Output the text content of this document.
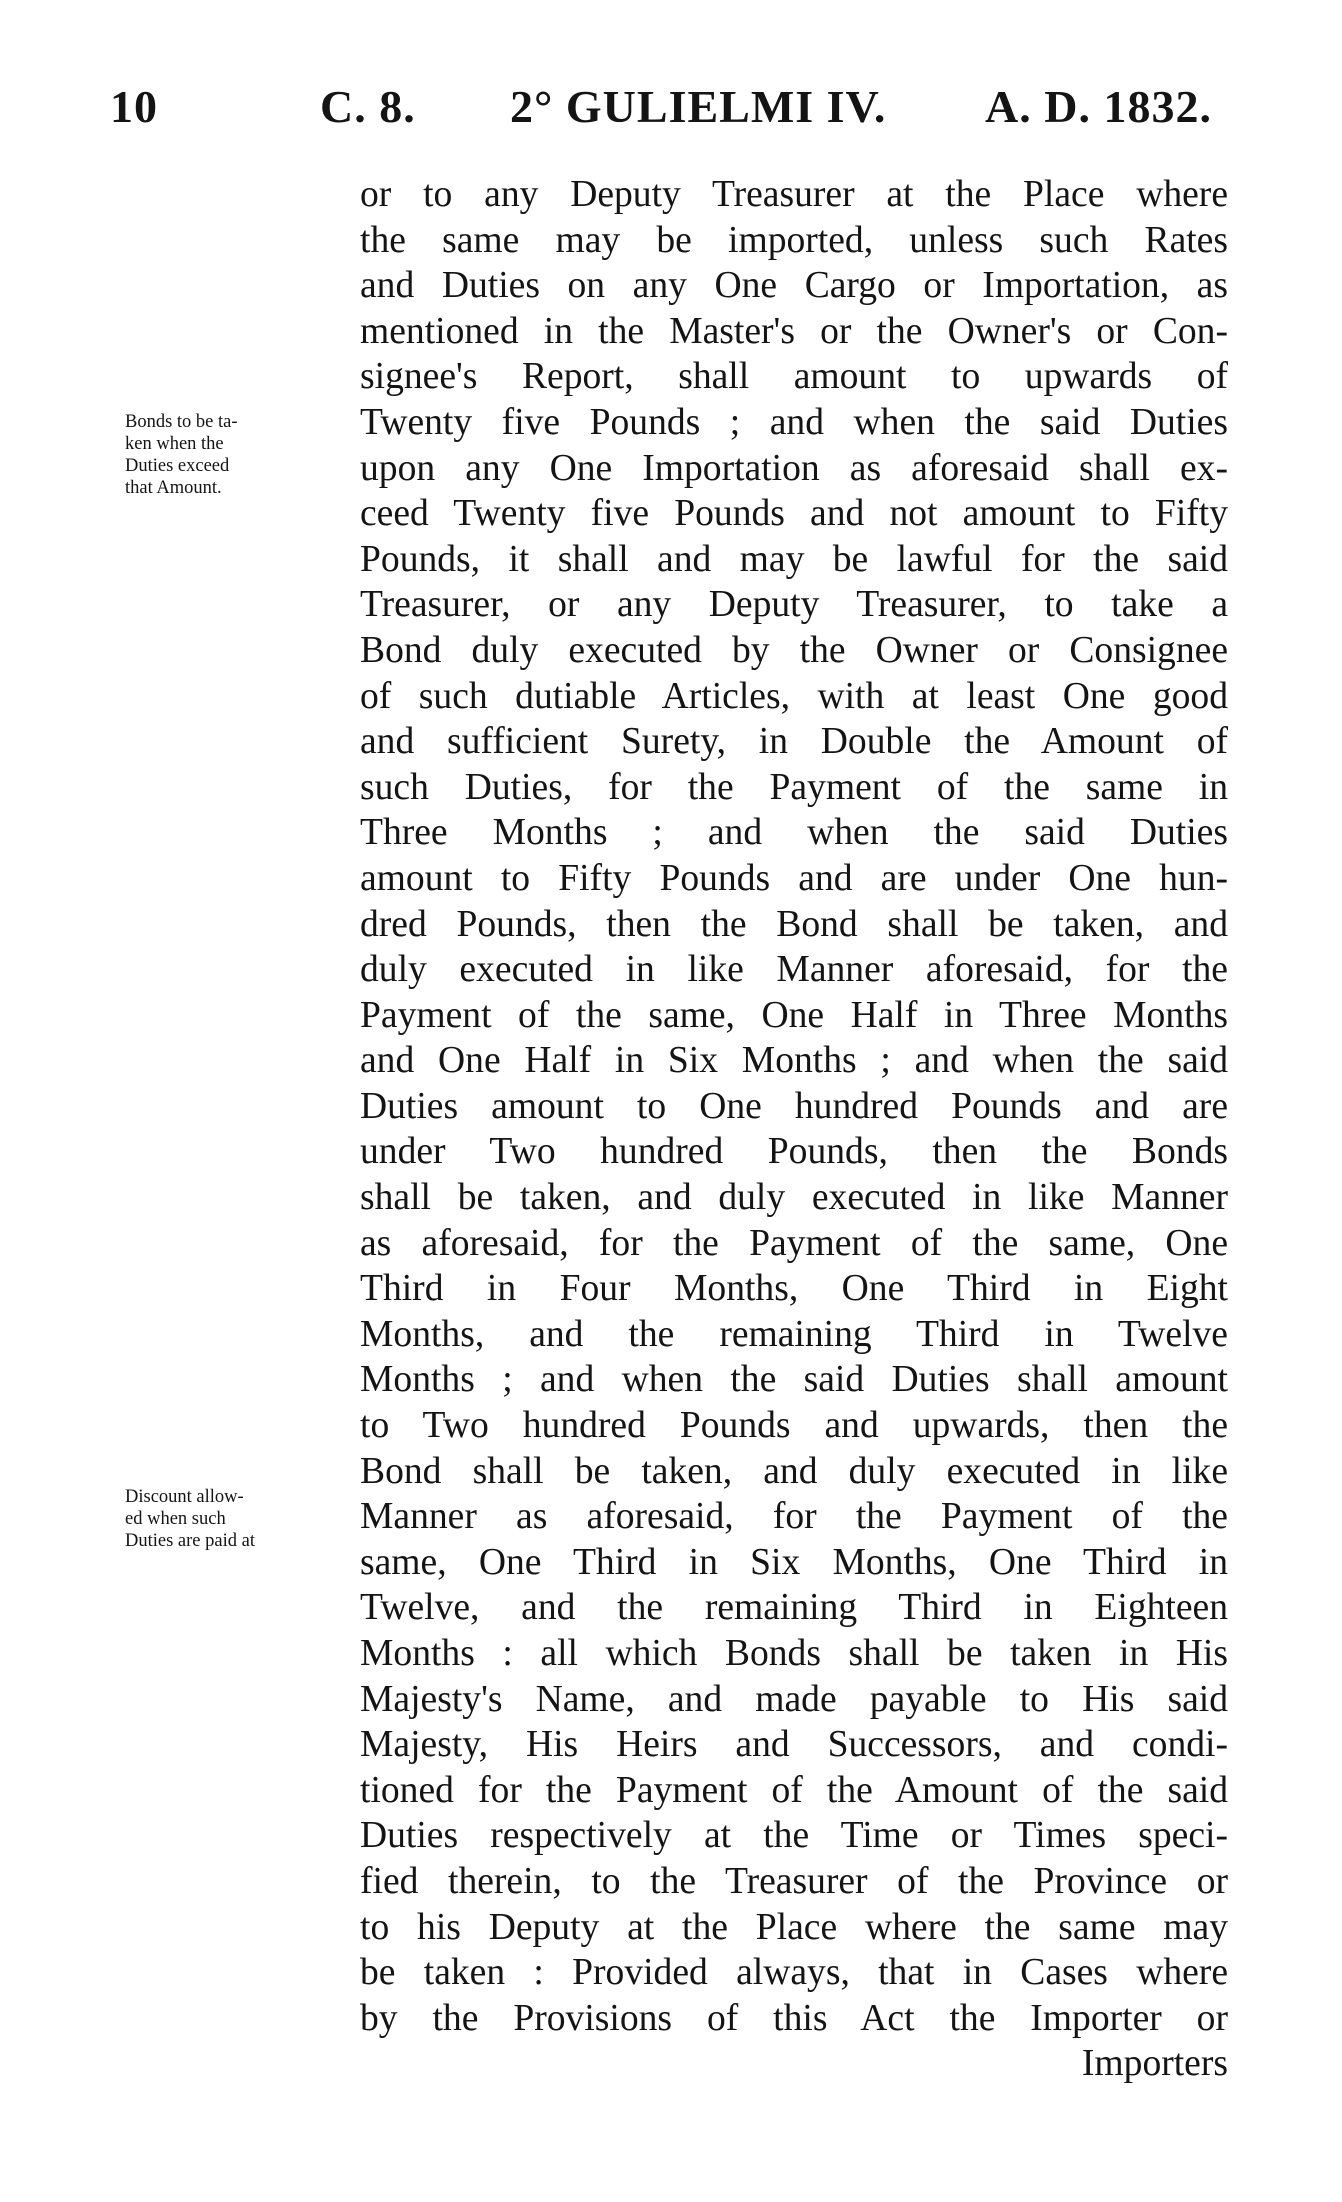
10	C. 8. 2° GULIELMI IV. A. D. 1832.
Bonds to be ta-
ken when the
Duties exceed
that Amount.
Discount allow-
ed when such
Duties are paid at
or to any Deputy Treasurer at the Place where
the same may be imported, unless such Rates
and Duties on any One Cargo or Importation, as
mentioned in the Master's or the Owner's or Con-
signee's Report, shall amount to upwards of
Twenty five Pounds ; and when the said Duties
upon any One Importation as aforesaid shall ex-
ceed Twenty five Pounds and not amount to Fifty
Pounds, it shall and may be lawful for the said
Treasurer, or any Deputy Treasurer, to take a
Bond duly executed by the Owner or Consignee
of such dutiable Articles, with at least One good
and sufficient Surety, in Double the Amount of
such Duties, for the Payment of the same in
Three Months ; and when the said Duties
amount to Fifty Pounds and are under One hun-
dred Pounds, then the Bond shall be taken, and
duly executed in like Manner aforesaid, for the
Payment of the same, One Half in Three Months
and One Half in Six Months ; and when the said
Duties amount to One hundred Pounds and are
under Two hundred Pounds, then the Bonds
shall be taken, and duly executed in like Manner
as aforesaid, for the Payment of the same, One
Third in Four Months, One Third in Eight
Months, and the remaining Third in Twelve
Months ; and when the said Duties shall amount
to Two hundred Pounds and upwards, then the
Bond shall be taken, and duly executed in like
Manner as aforesaid, for the Payment of the
same, One Third in Six Months, One Third in
Twelve, and the remaining Third in Eighteen
Months : all which Bonds shall be taken in His
Majesty's Name, and made payable to His said
Majesty, His Heirs and Successors, and condi-
tioned for the Payment of the Amount of the said
Duties respectively at the Time or Times speci-
fied therein, to the Treasurer of the Province or
to his Deputy at the Place where the same may
be taken : Provided always, that in Cases where
by the Provisions of this Act the Importer or
Importers
